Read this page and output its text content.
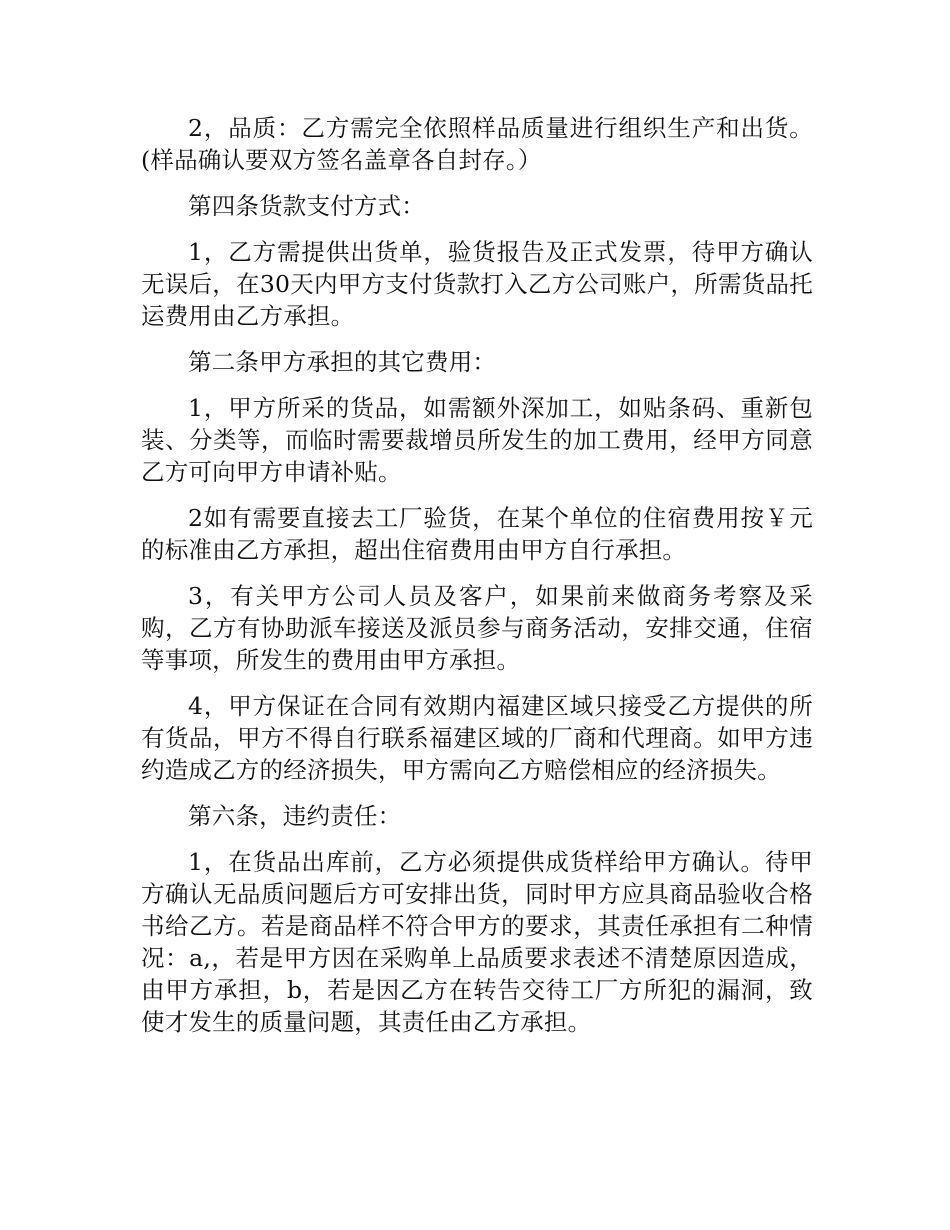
2，品质：乙方需完全依照样品质量进行组织生产和出货。(样品确认要双方签名盖章各自封存。）

第四条货款支付方式：

1，乙方需提供出货单，验货报告及正式发票，待甲方确认无误后，在30天内甲方支付货款打入乙方公司账户，所需货品托运费用由乙方承担。

第二条甲方承担的其它费用：

1，甲方所采的货品，如需额外深加工，如贴条码、重新包装、分类等，而临时需要裁增员所发生的加工费用，经甲方同意乙方可向甲方申请补贴。

2如有需要直接去工厂验货，在某个单位的住宿费用按￥元的标准由乙方承担，超出住宿费用由甲方自行承担。

3，有关甲方公司人员及客户，如果前来做商务考察及采购，乙方有协助派车接送及派员参与商务活动，安排交通，住宿等事项，所发生的费用由甲方承担。

4，甲方保证在合同有效期内福建区域只接受乙方提供的所有货品，甲方不得自行联系福建区域的厂商和代理商。如甲方违约造成乙方的经济损失，甲方需向乙方赔偿相应的经济损失。

第六条，违约责任：

1，在货品出库前，乙方必须提供成货样给甲方确认。待甲方确认无品质问题后方可安排出货，同时甲方应具商品验收合格书给乙方。若是商品样不符合甲方的要求，其责任承担有二种情况：a,，若是甲方因在采购单上品质要求表述不清楚原因造成，由甲方承担，b，若是因乙方在转告交待工厂方所犯的漏洞，致使才发生的质量问题，其责任由乙方承担。
